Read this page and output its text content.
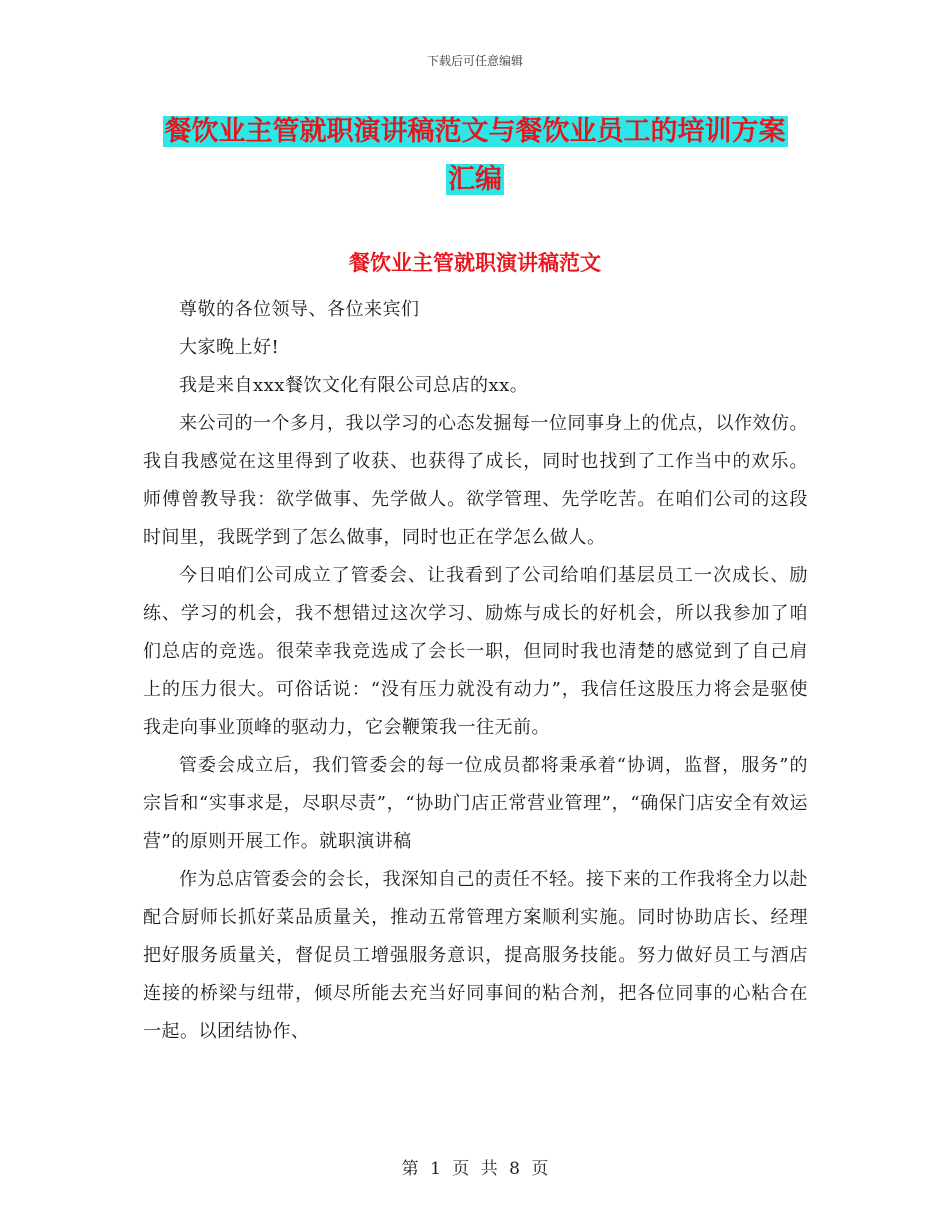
下载后可任意编辑
餐饮业主管就职演讲稿范文与餐饮业员工的培训方案
汇编
餐饮业主管就职演讲稿范文

尊敬的各位领导、各位来宾们

大家晚上好!

我是来自xxx餐饮文化有限公司总店的xx。

来公司的一个多月，我以学习的心态发掘每一位同事身上的优点，以作效仿。我自我感觉在这里得到了收获、也获得了成长，同时也找到了工作当中的欢乐。师傅曾教导我：欲学做事、先学做人。欲学管理、先学吃苦。在咱们公司的这段时间里，我既学到了怎么做事，同时也正在学怎么做人。

今日咱们公司成立了管委会、让我看到了公司给咱们基层员工一次成长、励练、学习的机会，我不想错过这次学习、励炼与成长的好机会，所以我参加了咱们总店的竞选。很荣幸我竞选成了会长一职，但同时我也清楚的感觉到了自己肩上的压力很大。可俗话说：“没有压力就没有动力”，我信任这股压力将会是驱使我走向事业顶峰的驱动力，它会鞭策我一往无前。

管委会成立后，我们管委会的每一位成员都将秉承着“协调，监督，服务”的宗旨和“实事求是，尽职尽责”，“协助门店正常营业管理”，“确保门店安全有效运营”的原则开展工作。就职演讲稿

作为总店管委会的会长，我深知自己的责任不轻。接下来的工作我将全力以赴配合厨师长抓好菜品质量关，推动五常管理方案顺利实施。同时协助店长、经理把好服务质量关，督促员工增强服务意识，提高服务技能。努力做好员工与酒店连接的桥梁与纽带，倾尽所能去充当好同事间的粘合剂，把各位同事的心粘合在一起。以团结协作、

第 1 页 共 8 页
